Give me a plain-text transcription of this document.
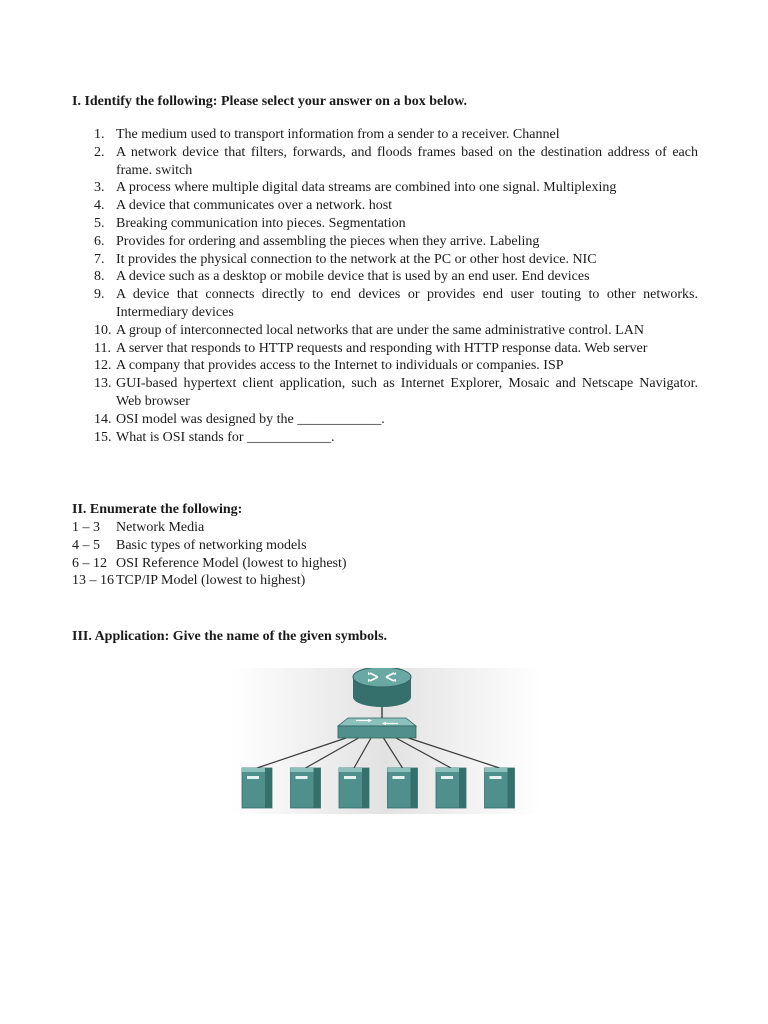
I. Identify the following: Please select your answer on a box below.

1. The medium used to transport information from a sender to a receiver. Channel
2. A network device that filters, forwards, and floods frames based on the destination address of each frame. switch
3. A process where multiple digital data streams are combined into one signal. Multiplexing
4. A device that communicates over a network. host
5. Breaking communication into pieces. Segmentation
6. Provides for ordering and assembling the pieces when they arrive. Labeling
7. It provides the physical connection to the network at the PC or other host device. NIC
8. A device such as a desktop or mobile device that is used by an end user. End devices
9. A device that connects directly to end devices or provides end user touting to other networks. Intermediary devices
10. A group of interconnected local networks that are under the same administrative control. LAN
11. A server that responds to HTTP requests and responding with HTTP response data. Web server
12. A company that provides access to the Internet to individuals or companies. ISP
13. GUI-based hypertext client application, such as Internet Explorer, Mosaic and Netscape Navigator. Web browser
14. OSI model was designed by the ____________.
15. What is OSI stands for ____________.

II. Enumerate the following:

1 – 3 Network Media
4 – 5 Basic types of networking models
6 – 12 OSI Reference Model (lowest to highest)
13 – 16 TCP/IP Model (lowest to highest)

III. Application: Give the name of the given symbols.
